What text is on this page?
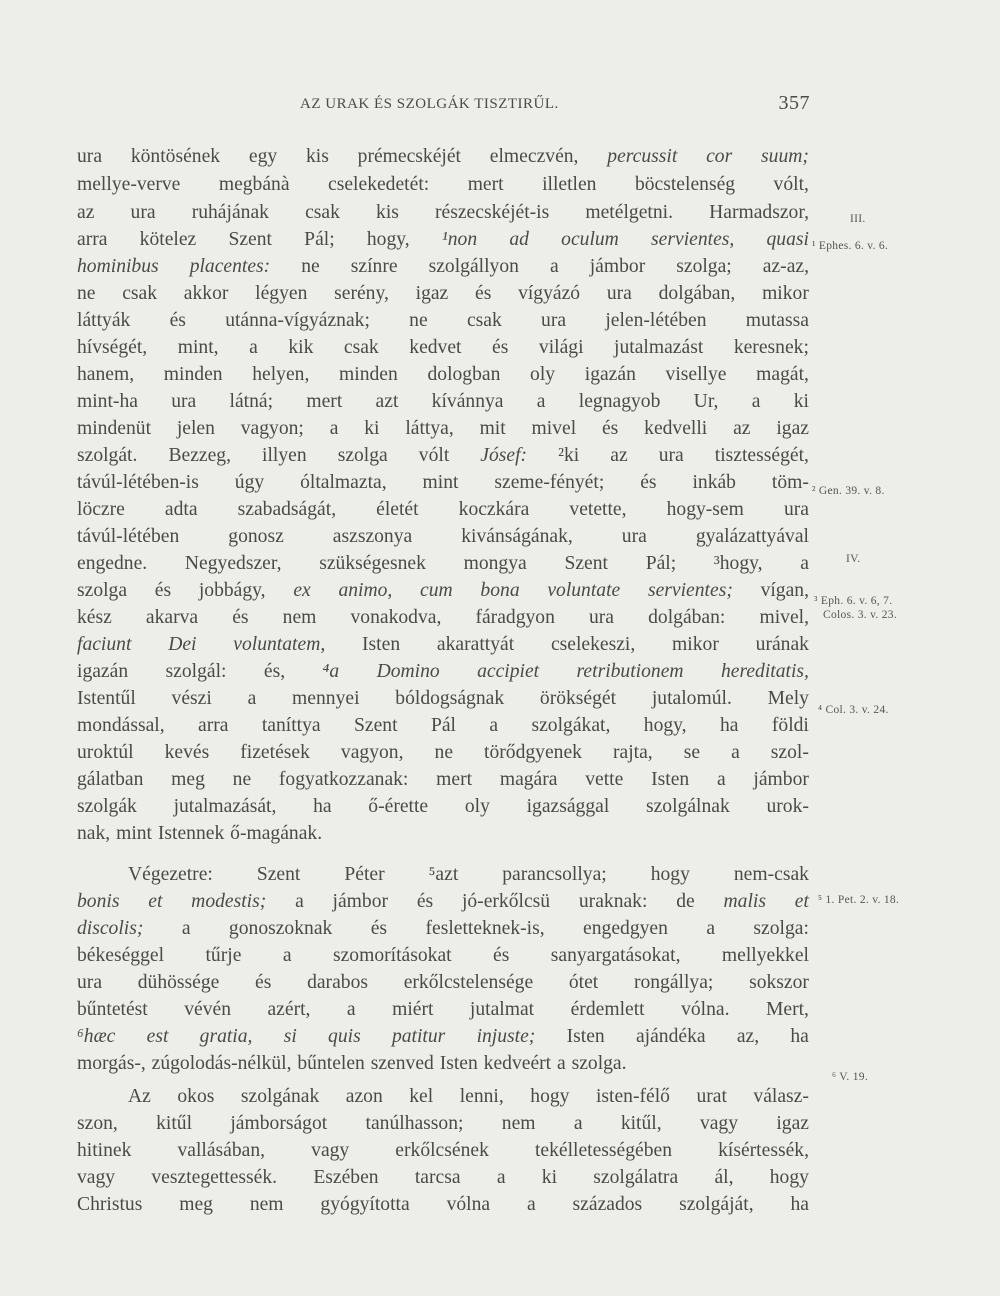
AZ URAK ÉS SZOLGÁK TISZTIRŰL.	357
ura köntösének egy kis prémecskéjét elmeczvén, percussit cor suum;
mellye-verve megbánà cselekedetét: mert illetlen böcstelenség vólt,
az ura ruhájának csak kis részecskéjét-is metélgetni. Harmadszor,
arra kötelez Szent Pál; hogy, ¹non ad oculum servientes, quasi
hominibus placentes: ne színre szolgállyon a jámbor szolga; az-az,
ne csak akkor légyen serény, igaz és vígyázó ura dolgában, mikor
láttyák és utánna-vígyáznak; ne csak ura jelen-létében mutassa
hívségét, mint, a kik csak kedvet és világi jutalmazást keresnek;
hanem, minden helyen, minden dologban oly igazán visellye magát,
mint-ha ura látná; mert azt kívánnya a legnagyob Ur, a ki
mindenüt jelen vagyon; a ki láttya, mit mivel és kedvelli az igaz
szolgát. Bezzeg, illyen szolga vólt Jósef: ²ki az ura tisztességét,
távúl-létében-is úgy óltalmazta, mint szeme-fényét; és inkáb töm-
löczre adta szabadságát, életét koczkára vetette, hogy-sem ura
távúl-létében	gonosz	aszszonya	kivánságának,	ura	gyalázattyával
engedne. Negyedszer, szükségesnek mongya Szent Pál; ³hogy, a
szolga és jobbágy, ex animo, cum bona voluntate servientes; vígan,
kész akarva és nem vonakodva, fáradgyon ura dolgában: mivel,
faciunt Dei voluntatem, Isten akarattyát cselekeszi, mikor urának
igazán szolgál: és, ⁴a Domino accipiet retributionem hereditatis,
Istentűl vészi a mennyei bóldogságnak örökségét jutalomúl. Mely
mondással, arra taníttya Szent Pál a szolgákat, hogy, ha földi
uroktúl kevés fizetések vagyon, ne törődgyenek rajta, se a szol-
gálatban meg ne fogyatkozzanak: mert magára vette Isten a jámbor
szolgák jutalmazását, ha ő-érette oly igazsággal szolgálnak urok-
nak, mint Istennek ő-magának.
Végezetre: Szent Péter ⁵azt parancsollya; hogy nem-csak
bonis et modestis; a jámbor és jó-erkőlcsü uraknak: de malis et
discolis; a gonoszoknak és fesletteknek-is, engedgyen a szolga:
békeséggel tűrje a szomorításokat és sanyargatásokat, mellyekkel
ura dühössége és darabos erkőlcstelensége ótet rongállya; sokszor
bűntetést vévén azért, a miért jutalmat érdemlett vólna. Mert,
⁶hæc est gratia, si quis patitur injuste; Isten ajándéka az, ha
morgás-, zúgolodás-nélkül, bűntelen szenved Isten kedveért a szolga.
Az okos szolgának azon kel lenni, hogy isten-félő urat válasz-
szon, kitűl jámborságot tanúlhasson; nem a kitűl, vagy igaz
hitinek vallásában, vagy erkőlcsének tekélletességében kísértessék,
vagy vesztegettessék. Eszében tarcsa a ki szolgálatra ál, hogy
Christus meg nem gyógyította vólna a százados szolgáját, ha
III.
¹ Ephes. 6. v. 6.
² Gen. 39. v. 8.
IV.
³ Eph. 6. v. 6, 7.
Colos. 3. v. 23.
⁴ Col. 3. v. 24.
⁵ 1. Pet. 2. v. 18.
⁶ V. 19.
